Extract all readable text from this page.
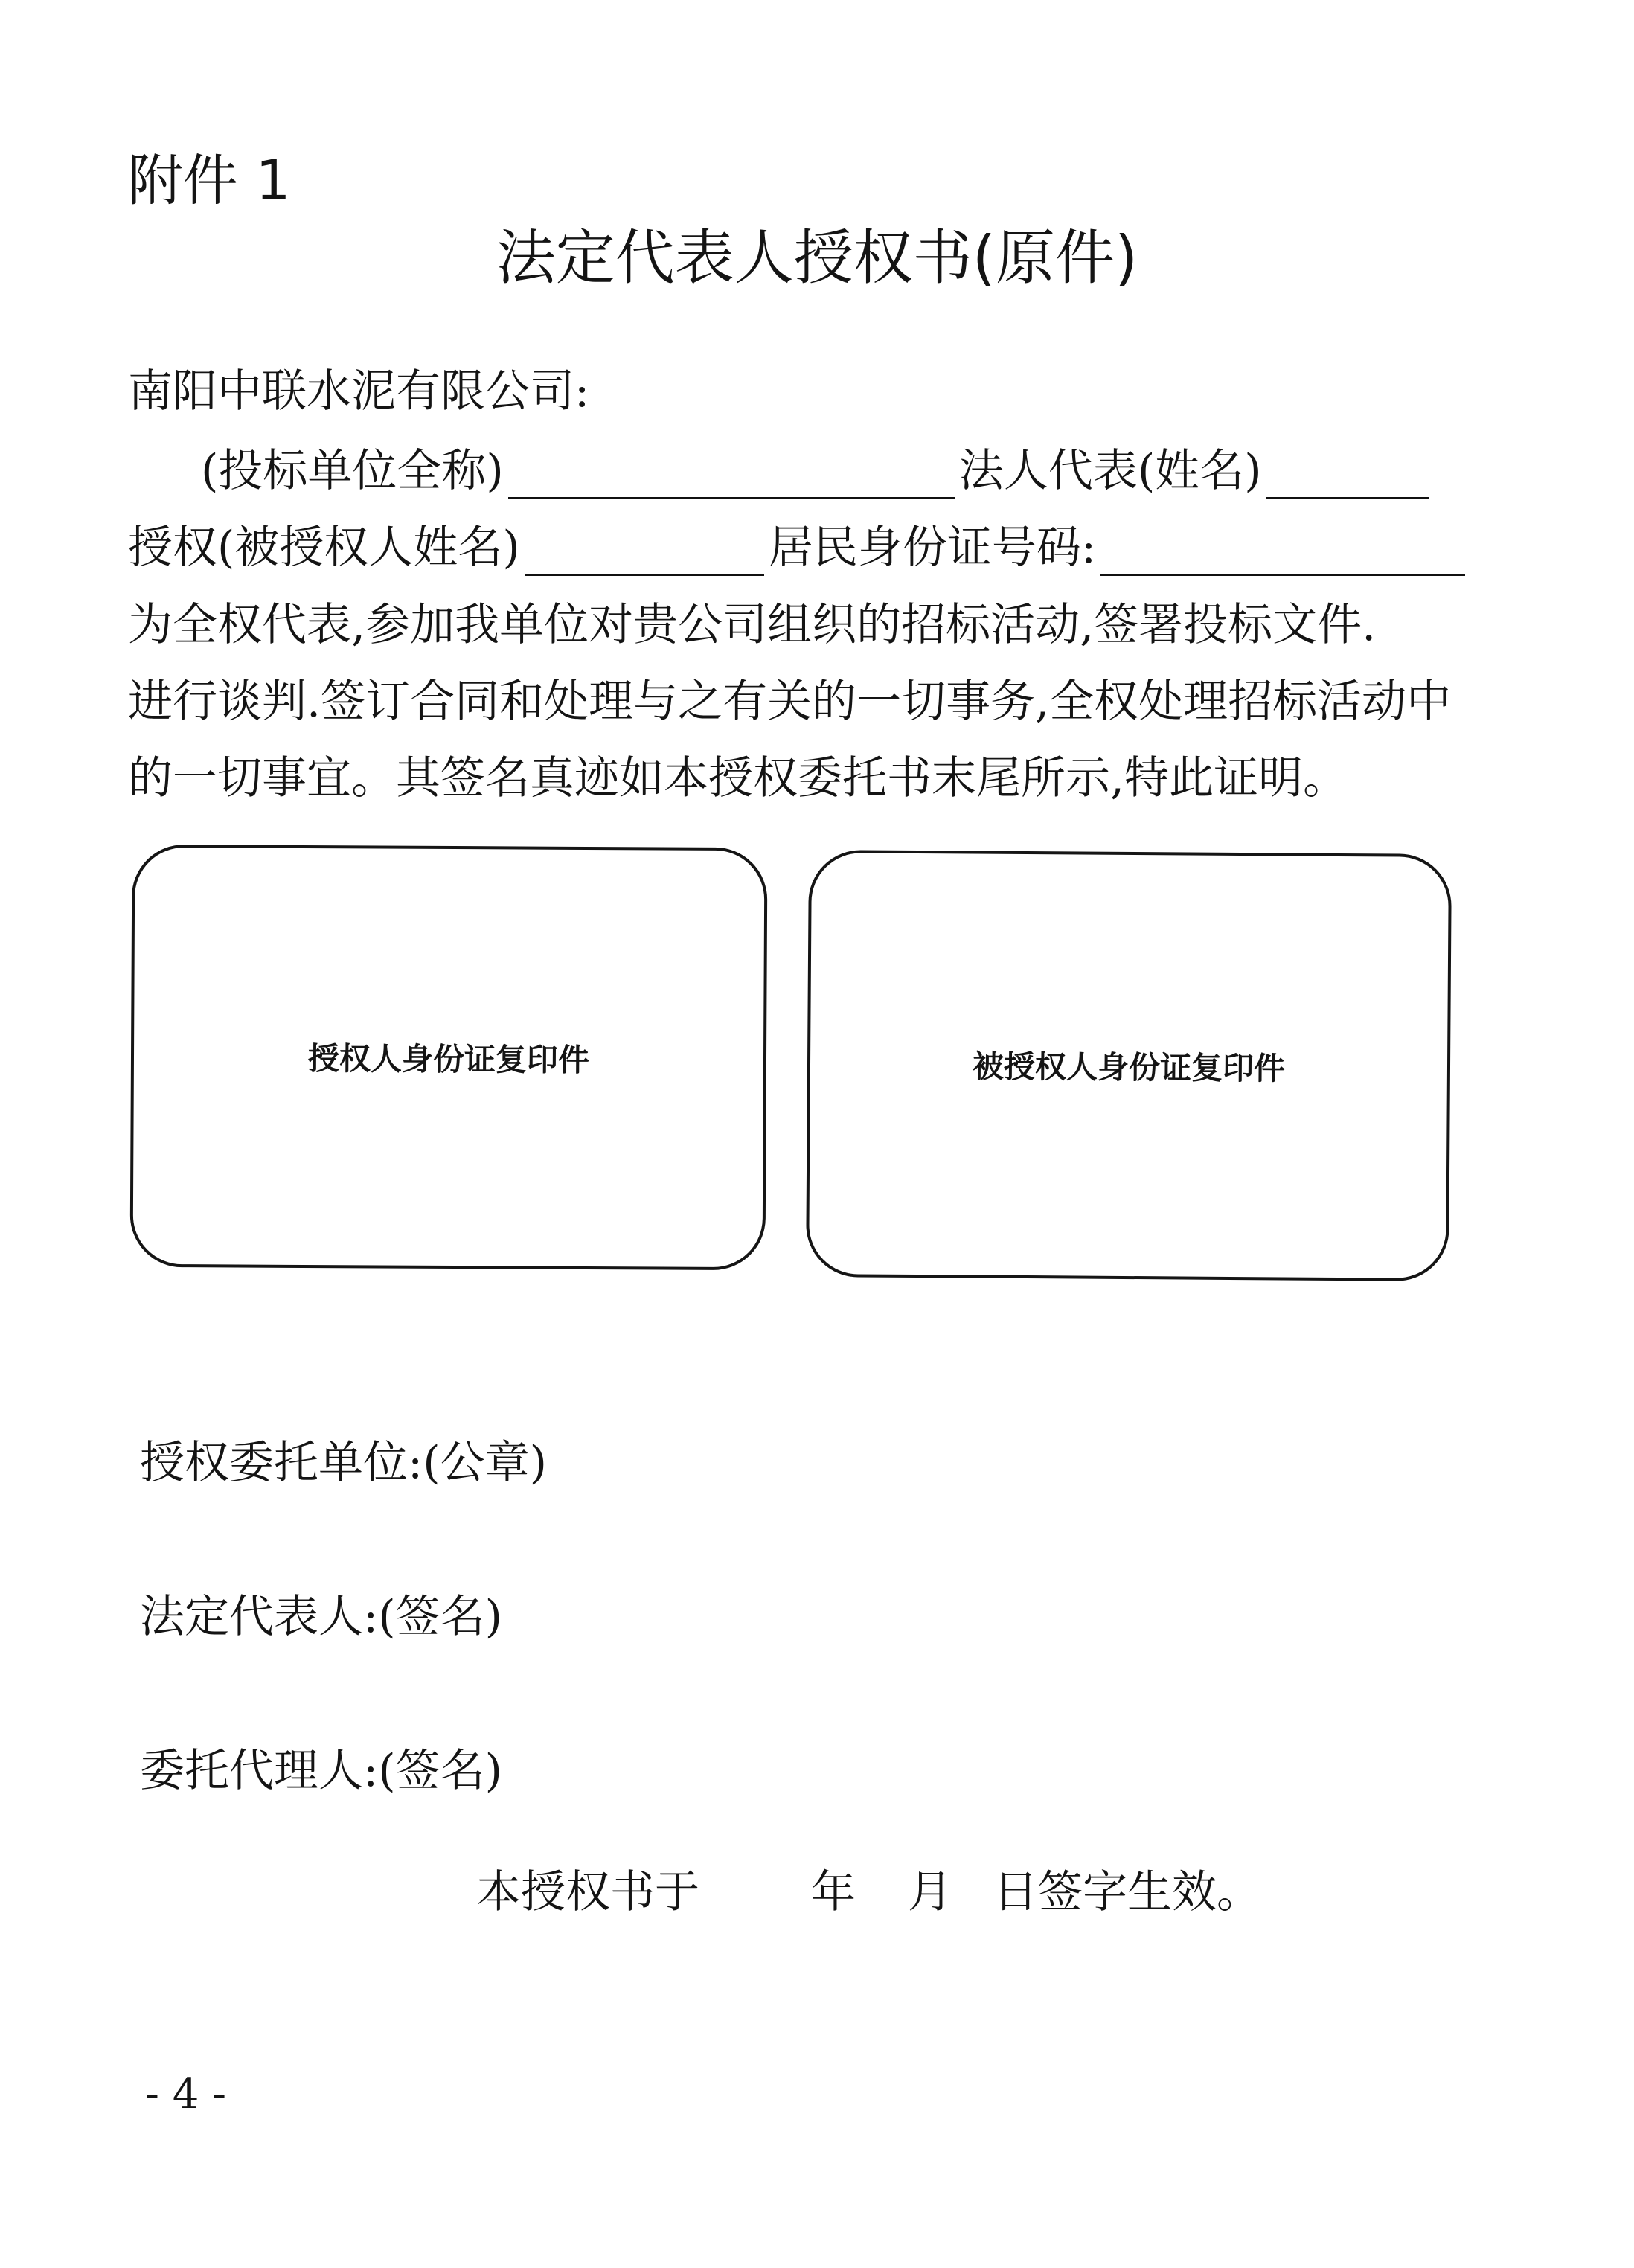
附件 1
法定代表人授权书(原件)
南阳中联水泥有限公司:
(投标单位全称)	法人代表(姓名)
授权(被授权人姓名)	居民身份证号码:
为全权代表,参加我单位对贵公司组织的招标活动,签署投标文件.
进行谈判.签订合同和处理与之有关的一切事务,全权处理招标活动中
的一切事宜。其签名真迹如本授权委托书末尾所示,特此证明。
授权人身份证复印件	被授权人身份证复印件
授权委托单位:(公章)
法定代表人:(签名)
委托代理人:(签名)
本授权书于	年 月 日签字生效。
- 4 -
